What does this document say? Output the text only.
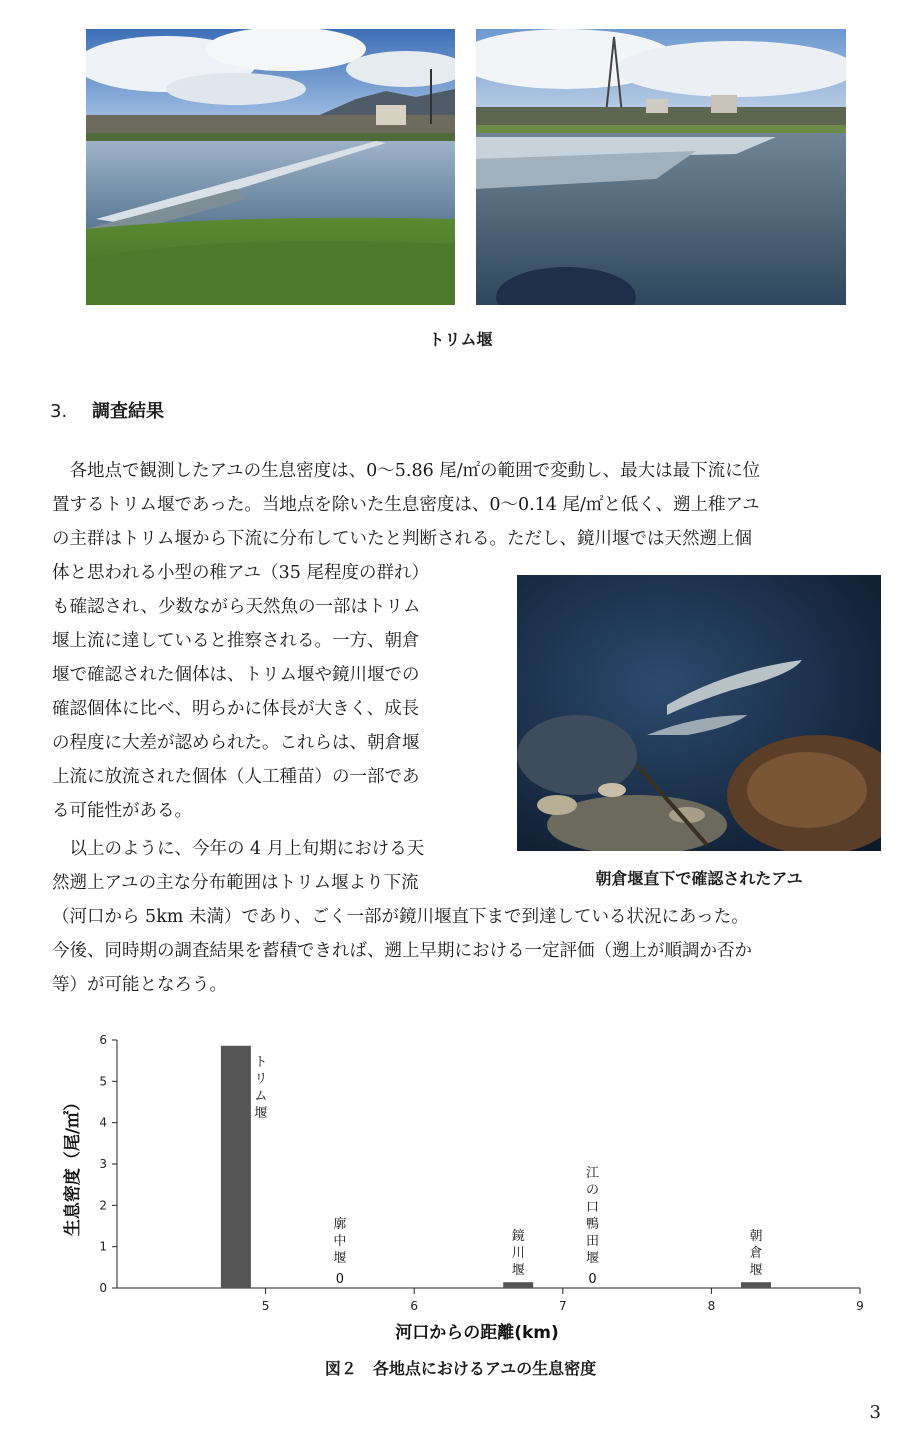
トリム堰
3. 調査結果
　各地点で観測したアユの生息密度は、0〜5.86 尾/㎡の範囲で変動し、最大は最下流に位
置するトリム堰であった。当地点を除いた生息密度は、0〜0.14 尾/㎡と低く、遡上稚アユ
の主群はトリム堰から下流に分布していたと判断される。ただし、鏡川堰では天然遡上個
体と思われる小型の稚アユ（35 尾程度の群れ）
も確認され、少数ながら天然魚の一部はトリム
堰上流に達していると推察される。一方、朝倉
堰で確認された個体は、トリム堰や鏡川堰での
確認個体に比べ、明らかに体長が大きく、成長
の程度に大差が認められた。これらは、朝倉堰
上流に放流された個体（人工種苗）の一部であ
る可能性がある。
　以上のように、今年の 4 月上旬期における天
然遡上アユの主な分布範囲はトリム堰より下流
（河口から 5km 未満）であり、ごく一部が鏡川堰直下まで到達している状況にあった。
今後、同時期の調査結果を蓄積できれば、遡上早期における一定評価（遡上が順調か否か
等）が可能となろう。
朝倉堰直下で確認されたアユ
0
1
2
3
4
5
6
5	6	7	8	9
トリム堰
廓中堰
0
鏡川堰
江の口鴨田堰
0
朝倉堰
生息密度（尾/㎡）
河口からの距離(km)
図２　各地点におけるアユの生息密度
3
